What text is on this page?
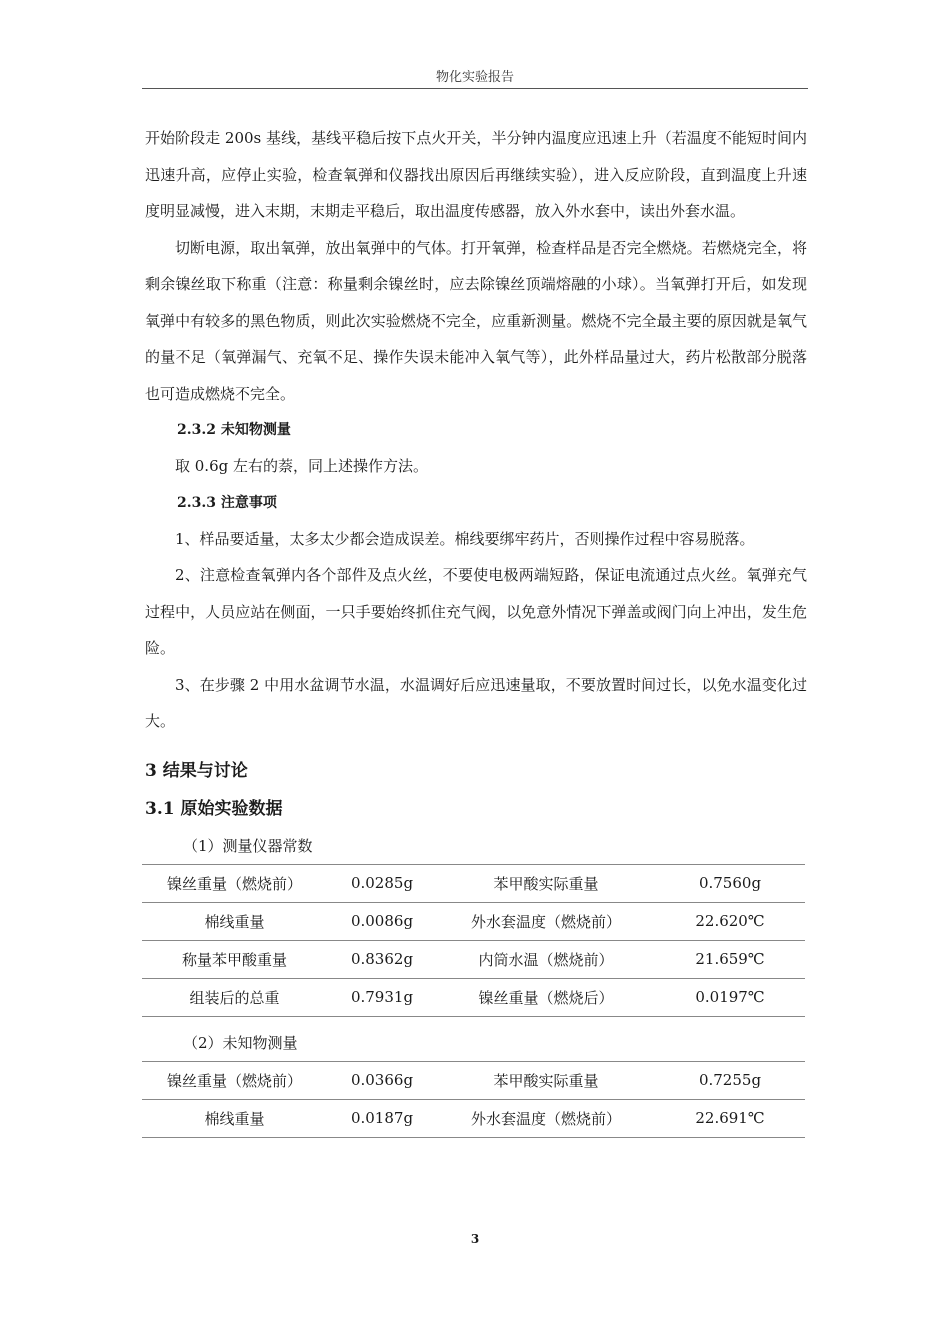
物化实验报告

开始阶段走 200s 基线，基线平稳后按下点火开关，半分钟内温度应迅速上升（若温度不能短时间内迅速升高，应停止实验，检查氧弹和仪器找出原因后再继续实验），进入反应阶段，直到温度上升速度明显减慢，进入末期，末期走平稳后，取出温度传感器，放入外水套中，读出外套水温。

切断电源，取出氧弹，放出氧弹中的气体。打开氧弹，检查样品是否完全燃烧。若燃烧完全，将剩余镍丝取下称重（注意：称量剩余镍丝时，应去除镍丝顶端熔融的小球）。当氧弹打开后，如发现氧弹中有较多的黑色物质，则此次实验燃烧不完全，应重新测量。燃烧不完全最主要的原因就是氧气的量不足（氧弹漏气、充氧不足、操作失误未能冲入氧气等），此外样品量过大，药片松散部分脱落也可造成燃烧不完全。

2.3.2 未知物测量

取 0.6g 左右的萘，同上述操作方法。

2.3.3 注意事项

1、样品要适量，太多太少都会造成误差。棉线要绑牢药片，否则操作过程中容易脱落。

2、注意检查氧弹内各个部件及点火丝，不要使电极两端短路，保证电流通过点火丝。氧弹充气过程中，人员应站在侧面，一只手要始终抓住充气阀，以免意外情况下弹盖或阀门向上冲出，发生危险。

3、在步骤 2 中用水盆调节水温，水温调好后应迅速量取，不要放置时间过长，以免水温变化过大。

3 结果与讨论

3.1 原始实验数据

（1）测量仪器常数

镍丝重量（燃烧前）	0.0285g	苯甲酸实际重量	0.7560g
棉线重量	0.0086g	外水套温度（燃烧前）	22.620℃
称量苯甲酸重量	0.8362g	内筒水温（燃烧前）	21.659℃
组装后的总重	0.7931g	镍丝重量（燃烧后）	0.0197℃

（2）未知物测量

镍丝重量（燃烧前）	0.0366g	苯甲酸实际重量	0.7255g
棉线重量	0.0187g	外水套温度（燃烧前）	22.691℃
3
